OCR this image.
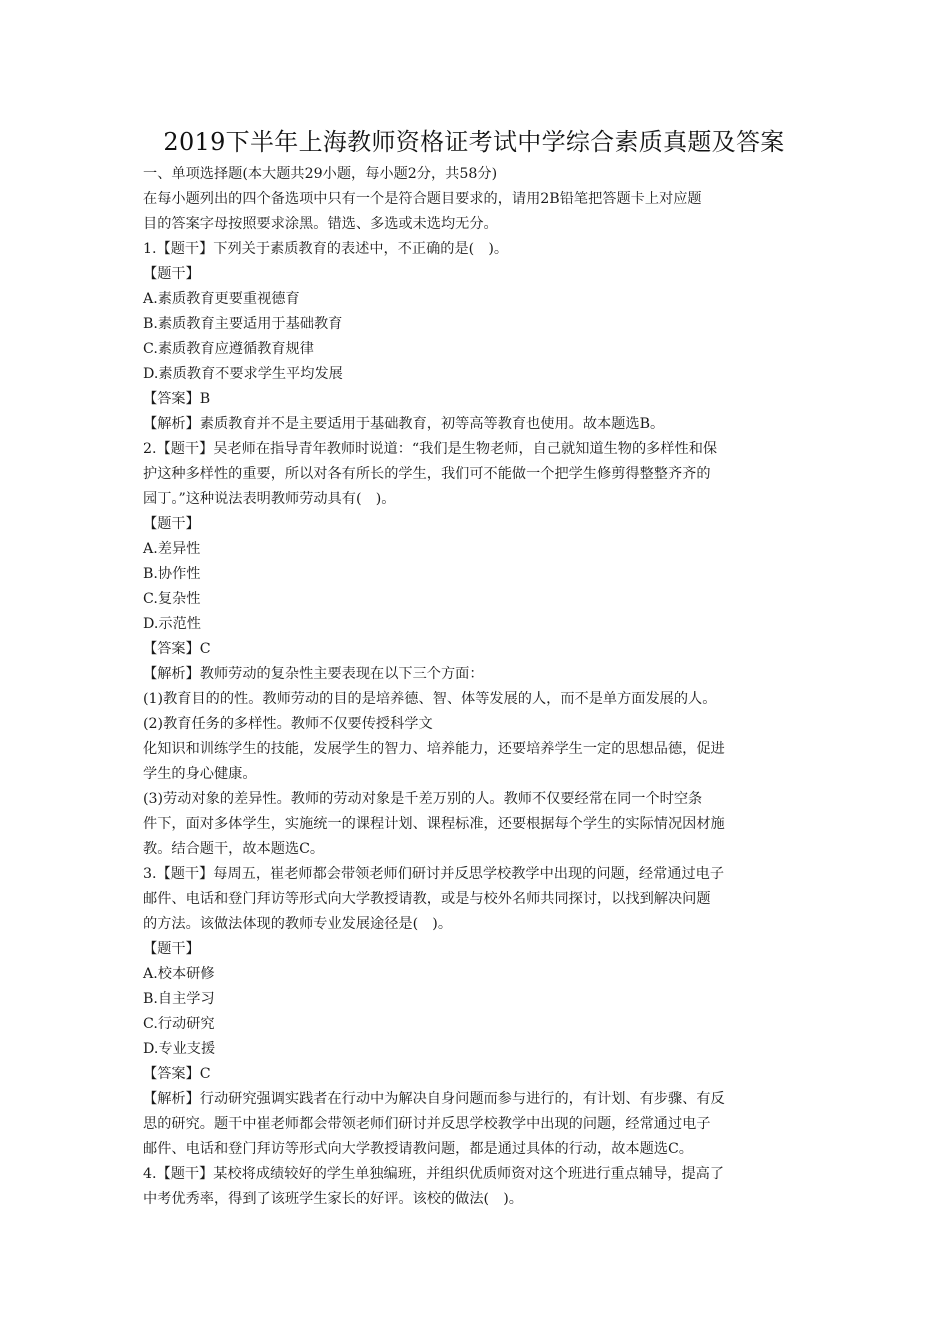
2019下半年上海教师资格证考试中学综合素质真题及答案
一、单项选择题(本大题共29小题，每小题2分，共58分)
在每小题列出的四个备选项中只有一个是符合题目要求的，请用2B铅笔把答题卡上对应题
目的答案字母按照要求涂黑。错选、多选或未选均无分。
1.【题干】下列关于素质教育的表述中，不正确的是(　)。
【题干】
A.素质教育更要重视德育
B.素质教育主要适用于基础教育
C.素质教育应遵循教育规律
D.素质教育不要求学生平均发展
【答案】B
【解析】素质教育并不是主要适用于基础教育，初等高等教育也使用。故本题选B。
2.【题干】吴老师在指导青年教师时说道：“我们是生物老师，自己就知道生物的多样性和保
护这种多样性的重要，所以对各有所长的学生，我们可不能做一个把学生修剪得整整齐齐的
园丁。”这种说法表明教师劳动具有(　)。
【题干】
A.差异性
B.协作性
C.复杂性
D.示范性
【答案】C
【解析】教师劳动的复杂性主要表现在以下三个方面：
(1)教育目的的性。教师劳动的目的是培养德、智、体等发展的人，而不是单方面发展的人。
(2)教育任务的多样性。教师不仅要传授科学文
化知识和训练学生的技能，发展学生的智力、培养能力，还要培养学生一定的思想品德，促进
学生的身心健康。
(3)劳动对象的差异性。教师的劳动对象是千差万别的人。教师不仅要经常在同一个时空条
件下，面对多体学生，实施统一的课程计划、课程标准，还要根据每个学生的实际情况因材施
教。结合题干，故本题选C。
3.【题干】每周五，崔老师都会带领老师们研讨并反思学校教学中出现的问题，经常通过电子
邮件、电话和登门拜访等形式向大学教授请教，或是与校外名师共同探讨，以找到解决问题
的方法。该做法体现的教师专业发展途径是(　)。
【题干】
A.校本研修
B.自主学习
C.行动研究
D.专业支援
【答案】C
【解析】行动研究强调实践者在行动中为解决自身问题而参与进行的，有计划、有步骤、有反
思的研究。题干中崔老师都会带领老师们研讨并反思学校教学中出现的问题，经常通过电子
邮件、电话和登门拜访等形式向大学教授请教问题，都是通过具体的行动，故本题选C。
4.【题干】某校将成绩较好的学生单独编班，并组织优质师资对这个班进行重点辅导，提高了
中考优秀率，得到了该班学生家长的好评。该校的做法(　)。
